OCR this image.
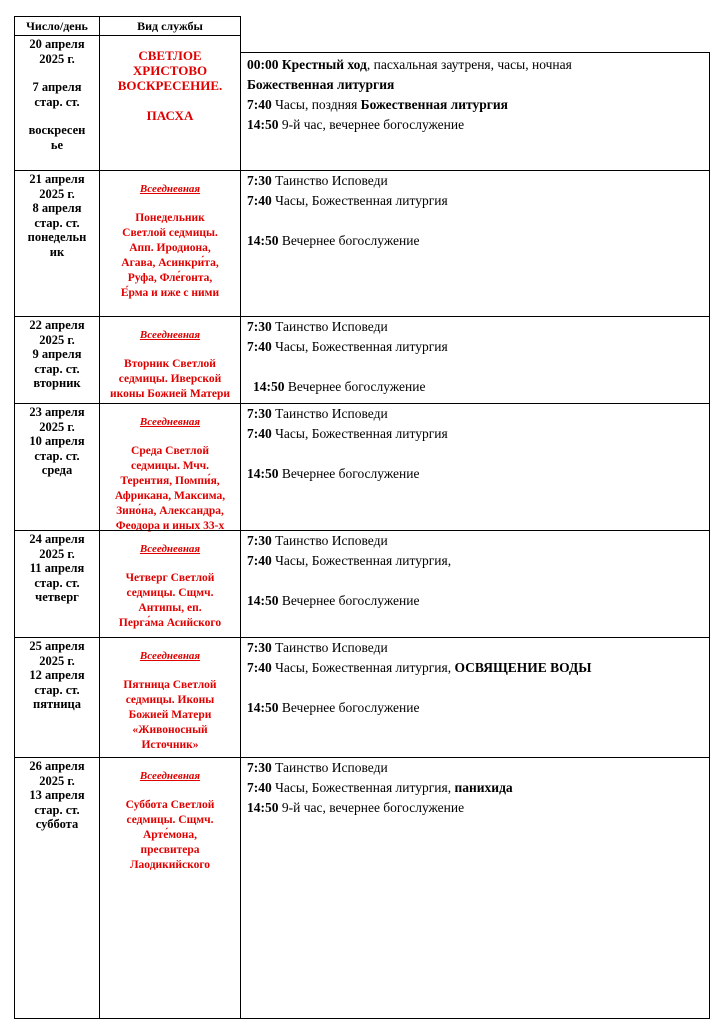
Число/день	Вид службы
20 апреля
2025 г.
7 апреля
стар. ст.
воскресен
ье
СВЕТЛОЕ
ХРИСТОВО
ВОСКРЕСЕНИЕ.
ПАСХА
00:00 Крестный ход, пасхальная заутреня, часы, ночная
Божественная литургия
7:40 Часы, поздняя Божественная литургия
14:50 9-й час, вечернее богослужение
21 апреля
2025 г.
8 апреля
стар. ст.
понедельн
ик
Всеедневная
Понедельник
Светлой седмицы.
Апп. Иродиона,
Агава, Асинкри́та,
Руфа, Фле́гонта,
Е́рма и иже с ними
7:30 Таинство Исповеди
7:40 Часы, Божественная литургия
14:50 Вечернее богослужение
22 апреля
2025 г.
9 апреля
стар. ст.
вторник
Всеедневная
Вторник Светлой
седмицы. Иверской
иконы Божией Матери
7:30 Таинство Исповеди
7:40 Часы, Божественная литургия
14:50 Вечернее богослужение
23 апреля
2025 г.
10 апреля
стар. ст.
среда
Всеедневная
Среда Светлой
седмицы. Мчч.
Терентия, Помпи́я,
Африкана, Максима,
Зино́на, Александра,
Феодора и иных 33-х
7:30 Таинство Исповеди
7:40 Часы, Божественная литургия
14:50 Вечернее богослужение
24 апреля
2025 г.
11 апреля
стар. ст.
четверг
Всеедневная
Четверг Светлой
седмицы. Сщмч.
Антипы, еп.
Перга́ма Асийского
7:30 Таинство Исповеди
7:40 Часы, Божественная литургия,
14:50 Вечернее богослужение
25 апреля
2025 г.
12 апреля
стар. ст.
пятница
Всеедневная
Пятница Светлой
седмицы. Иконы
Божией Матери
«Живоносный
Источник»
7:30 Таинство Исповеди
7:40 Часы, Божественная литургия, ОСВЯЩЕНИЕ ВОДЫ
14:50 Вечернее богослужение
26 апреля
2025 г.
13 апреля
стар. ст.
суббота
Всеедневная
Суббота Светлой
седмицы. Сщмч.
Арте́мона,
пресвитера
Лаодикийского
7:30 Таинство Исповеди
7:40 Часы, Божественная литургия, панихида
14:50 9-й час, вечернее богослужение
